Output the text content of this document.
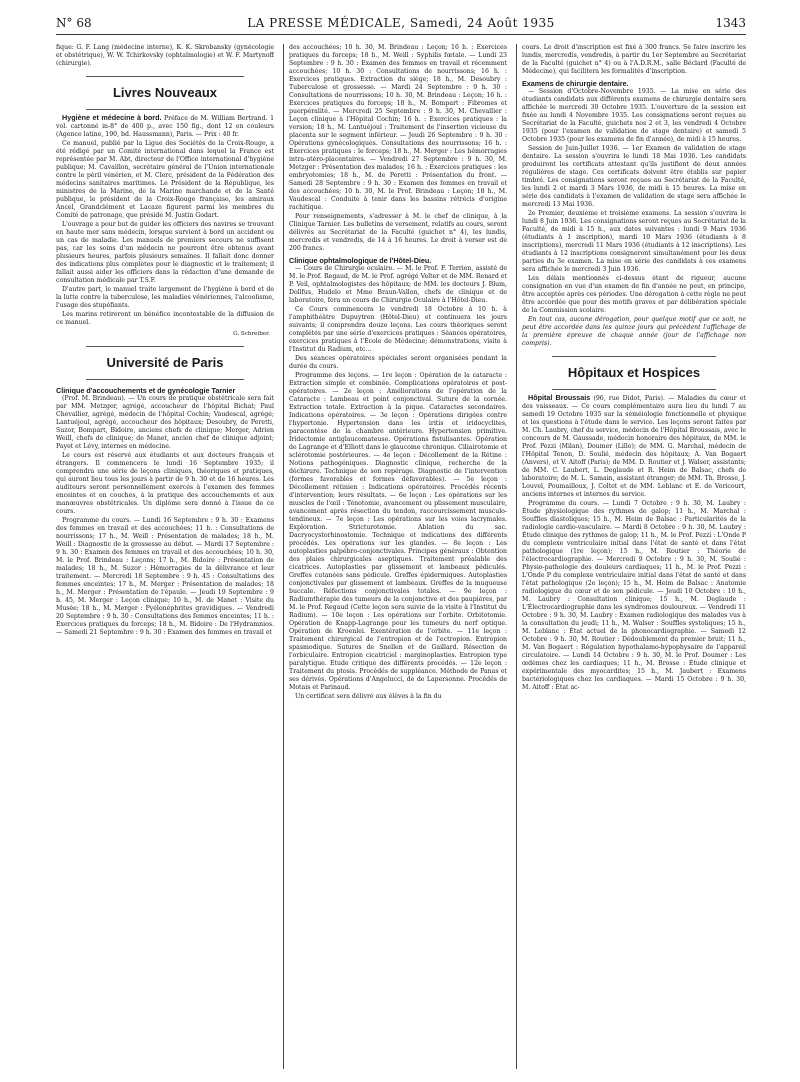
N° 68	LA PRESSE MÉDICALE, Samedi, 24 Août 1935	1343

fique: G. F. Lang (médecine interne), K. K. Skrobansky (gynécologie et obstétrique), W. W. Tchirkovsky (ophtalmologie) et W. F. Martynoff (chirurgie).

Livres Nouveaux

Hygiène et médecine à bord. Préface de M. William Bertrand. 1 vol. cartonné in-8° de 400 p., avec 150 fig., dont 12 en couleurs (Agence latine, 190, bd. Haussmann), Paris. — Prix : 40 fr.

Ce manuel, publié par la Ligue des Sociétés de la Croix-Rouge, a été rédigé par un Comité international dans lequel la France est représentée par M. Abt, directeur de l'Office international d'hygiène publique; M. Cavaillon, secrétaire général de l'Union internationale contre le péril vénérien, et M. Clerc, président de la Fédération des médecins sanitaires maritimes. Le Président de la République, les ministres de la Marine, de la Marine marchande et de la Santé publique, le président de la Croix-Rouge française, les amiraux Ancel, Grandclément et Lacaze figurent parmi les membres du Comité de patronage, que préside M. Justin Godart.

L'ouvrage a pour but de guider les officiers des navires se trouvant en haute mer sans médecin, lorsque survient à bord un accident ou un cas de maladie. Les manuels de premiers secours ne suffisent pas, car les soins d'un médecin ne pourront être obtenus avant plusieurs heures, parfois plusieurs semaines. Il fallait donc donner des indications plus complètes pour le diagnostic et le traitement; il fallait aussi aider les officiers dans la rédaction d'une demande de consultation médicale par T.S.F.

D'autre part, le manuel traite largement de l'hygiène à bord et de la lutte contre la tuberculose, les maladies vénériennes, l'alcoolisme, l'usage des stupéfiants.

Les marins retireront un bénéfice incontestable de la diffusion de ce manuel.

G. Schreiber.
Université de Paris
Clinique d'accouchements et de gynécologie Tarnier

(Prof. M. Brindeau). — Un cours de pratique obstétricale sera fait par MM. Metzger, agrégé, accoucheur de l'hôpital Bichat; Paul Chevallier, agrégé, médecin de l'hôpital Cochin; Vaudescal, agrégé; Lantuéjoul, agrégé, accoucheur des hôpitaux; Desoubry, de Peretti, Suzor, Bompart, Bidoire, anciens chefs de clinique; Merger, Adrien Weill, chefs de clinique; de Manet, ancien chef de clinique adjoint; Payet et Lévy, internes en médecine.

Le cours est réservé aux étudiants et aux docteurs français et étrangers. Il commencera le lundi 16 Septembre 1935; il comprendra une série de leçons cliniques, théoriques et pratiques, qui auront lieu tous les jours à partir de 9 h. 30 et de 16 heures. Les auditeurs seront personnellement exercés à l'examen des femmes enceintes et en couches, à la pratique des accouchements et aux manœuvres obstétricales. Un diplôme sera donné à l'issue de ce cours.

Programme du cours. — Lundi 16 Septembre : 9 h. 30 : Examens des femmes en travail et des accouchées; 11 h. : Consultations de nourrissons; 17 h., M. Weill : Présentation de malades; 18 h., M. Weill : Diagnostic de la grossesse au début. — Mardi 17 Septembre : 9 h. 30 : Examen des femmes en travail et des accouchées; 10 h. 30, M. le Prof. Brindeau : Leçons; 17 h., M. Bidoire : Présentation de malades; 18 h., M. Suzor : Hémorragies de la délivrance et leur traitement. — Mercredi 18 Septembre : 9 h. 45 : Consultations des femmes enceintes; 17 h., M. Merger : Présentation de malades; 18 h., M. Merger : Présentation de l'épaule. — Jeudi 19 Septembre : 9 h. 45, M. Merger : Leçon clinique; 10 h., M. de Manet : Visite du Musée; 18 h., M. Merger : Pyélonéphrites gravidiques. — Vendredi 20 Septembre : 9 h. 30 : Consultations des femmes enceintes; 11 h. : Exercices pratiques du forceps; 18 h., M. Bidoire : De l'Hydramnios. — Samedi 21 Septembre : 9 h. 30 : Examen des femmes en travail et

des accouchées; 10 h. 30, M. Brindeau : Leçon; 16 h. : Exercices pratiques du forceps; 18 h., M. Weill : Syphilis fœtale. — Lundi 23 Septembre : 9 h. 30 : Examen des femmes en travail et récemment accouchées; 10 h. 30 : Consultations de nourrissons; 16 h. : Exercices pratiques. Extraction du siège; 18 h., M. Desoubry : Tuberculose et grossesse. — Mardi 24 Septembre : 9 h. 30 : Consultations de nourrissons; 10 h. 30, M. Brindeau : Leçon; 16 h. : Exercices pratiques du forceps; 18 h., M. Bompart : Fibromes et puerpéralité. — Mercredi 25 Septembre : 9 h. 30, M. Chevallier : Leçon clinique à l'Hôpital Cochin; 16 h. : Exercices pratiques : la version; 18 h., M. Lantuéjoul : Traitement de l'insertion vicieuse du placenta sur le segment inférieur. — Jeudi 26 Septembre : 9 h. 30 : Opérations gynécologiques. Consultations des nourrissons; 16 h. : Exercices pratiques : le forceps; 18 h., M. Merger : Les hémorragies intra-utéro-placentaires. — Vendredi 27 Septembre : 9 h. 30, M. Metzger : Présentation des malades; 16 h. : Exercices pratiques : les embryotomies; 18 h., M. de Peretti : Présentation du front. — Samedi 28 Septembre : 9 h. 30 : Examen des femmes en travail et des accouchées; 10 h. 30, M. le Prof. Brindeau : Leçon; 18 h., M. Vaudescal : Conduite à tenir dans les bassins rétrécis d'origine rachitique.

Pour renseignements, s'adresser à M. le chef de clinique, à la Clinique Tarnier. Les bulletins de versement, relatifs au cours, seront délivrés au Secrétariat de la Faculté (guichet n° 4), les lundis, mercredis et vendredis, de 14 à 16 heures. Le droit à verser est de 200 francs.

Clinique ophtalmologique de l'Hôtel-Dieu.

— Cours de Chirurgie oculaire. — M. le Prof. F. Terrien, assisté de M. le Prof. Regaud, de M. le Prof. agrégé Velter et de MM. Renard et P. Veil, ophtalmologistes des hôpitaux; de MM. les docteurs J. Blum, Dollfus, Hudelo et Mme Braun-Vallon, chefs de clinique et de laboratoire, fera un cours de Chirurgie Oculaire à l'Hôtel-Dieu.

Ce Cours commencera le vendredi 18 Octobre à 10 h. à l'amphithéâtre Dupuytren (Hôtel-Dieu) et continuera les jours suivants; il comprendra douze leçons. Les cours théoriques seront complétés par une série d'exercices pratiques : Séances opératoires, exercices pratiques à l'École de Médecine; démonstrations, visite à l'Institut du Radium, etc...

Des séances opératoires spéciales seront organisées pendant la durée du cours.

Programme des leçons. — 1re leçon : Opération de la cataracte : Extraction simple et combinée. Complications opératoires et post-opératoires. — 2e leçon : Améliorations de l'opération de la Cataracte : Lambeau et point conjonctival. Suture de la cornée. Extraction totale. Extraction à la pique. Cataractes secondaires. Indications opératoires. — 3e leçon : Opérations dirigées contre l'hypertonie. Hypertension dans les iritis et iridocyclites, paracentèse de la chambre antérieure. Hypertension primitive. Iridectomie antiglaucomateuse. Opérations fistulisantes. Opération de Lagrange et d'Elliott dans le glaucome chronique. Ciliairotomie et sclérotomie postérieures. — 4e leçon : Décollement de la Rétine : Notions pathogéniques. Diagnostic clinique, recherche de la déchirure. Technique de son repérage. Diagnostic de l'intervention (formes favorables et formes défavorables). — 5e leçon : Décollement rétinien : Indications opératoires. Procédés récents d'intervention; leurs résultats. — 6e leçon : Les opérations sur les muscles de l'œil : Ténotomie, avancement ou plissement musculaire, avancement après résection du tendon, raccourcissement musculo-tendineux. — 7e leçon : Les opérations sur les voies lacrymales. Exploration. Stricturotomie. Ablation du sac. Dacryocystorhinostomie. Technique et indications des différents procédés. Les opérations sur les glandes. — 8e leçon : Les autoplasties palpébro-conjonctivales. Principes généraux : Obtention des plaies chirurgicales aseptiques. Traitement préalable des cicatrices. Autoplasties par glissement et lambeaux pédiculés. Greffes cutanées sans pédicule. Greffes épidermiques. Autoplasties conjonctivales par glissement et lambeaux. Greffes de la muqueuse buccale. Réfections conjonctivales totales. — 9e leçon : Radiumthérapie des tumeurs de la conjonctive et des paupières, par M. le Prof. Regaud (Cette leçon sera suivie de la visite à l'Institut du Radium). — 10e leçon : Les opérations sur l'orbite. Orbitotomie. Opération de Knapp-Lagrange pour les tumeurs du nerf optique. Opération de Kroenlei. Exentération de l'orbite. — 11e leçon : Traitement chirurgical de l'entropion et de l'ectropion. Entropion spasmodique. Sutures de Snellen et de Gaillard. Résection de l'orbiculaire. Entropion cicatriciel : marginoplasties. Entropion type paralytique. Etude critique des différents procédés. — 12e leçon : Traitement du ptosis. Procédés de suppléance. Méthode de Panas et ses dérivés. Opérations d'Angelucci, de de Lapersonne. Procédés de Motais et Parinaud.

Un certificat sera délivré aux élèves à la fin du

cours. Le droit d'inscription est fixé à 300 francs. Se faire inscrire les lundis, mercredis, vendredis, à partir du 1er Septembre au Secrétariat de la Faculté (guichet n° 4) ou à l'A.D.R.M., salle Béclard (Faculté de Médecine), qui facilitera les formalités d'inscription.

Examens de chirurgie dentaire.

— Session d'Octobre-Novembre 1935. — La mise en série des étudiants candidats aux différents examens de chirurgie dentaire sera affichée le mercredi 30 Octobre 1935. L'ouverture de la session est fixée au lundi 4 Novembre 1935. Les consignations seront reçues au Secrétariat de la Faculté, guichets nos 2 et 3, les vendredi 4 Octobre 1935 (pour l'examen de validation de stage dentaire) et samedi 5 Octobre 1935 (pour les examens de fin d'année), de midi à 15 heures.

Session de Juin-Juillet 1936. — 1er Examen de validation de stage dentaire. La session s'ouvrira le lundi 18 Mai 1936. Les candidats produiront les certificats attestant qu'ils justifient de deux années régulières de stage. Ces certificats doivent être établis sur papier timbré. Les consignations seront reçues au Secrétariat de la Faculté, les lundi 2 et mardi 3 Mars 1936, de midi à 15 heures. La mise en série des candidats à l'examen de validation de stage sera affichée le mercredi 13 Mai 1936.

2e Premier, deuxième et troisième examens. La session s'ouvrira le lundi 8 Juin 1936. Les consignations seront reçues au Secrétariat de la Faculté, de midi à 15 h., aux dates suivantes : lundi 9 Mars 1936 (étudiants à 1 inscription), mardi 10 Mars 1936 (étudiants à 8 inscriptions), mercredi 11 Mars 1936 (étudiants à 12 inscriptions). Les étudiants à 12 inscriptions consigneront simultanément pour les deux parties du 3e examen. La mise en série des candidats à ces examens sera affichée le mercredi 3 Juin 1936.

Les délais mentionnés ci-dessus étant de rigueur, aucune consignation en vue d'un examen de fin d'année ne peut, en principe, être acceptée après ces périodes. Une dérogation à cette règle ne peut être accordée que pour des motifs graves et par délibération spéciale de la Commission scolaire.

En tout cas, aucune dérogation, pour quelque motif que ce soit, ne peut être accordée dans les quinze jours qui précèdent l'affichage de la première épreuve de chaque année (jour de l'affichage non compris).

Hôpitaux et Hospices

Hôpital Broussais (96, rue Didot, Paris). — Maladies du cœur et des vaisseaux. — Ce cours complémentaire aura lieu du lundi 7 au samedi 19 Octobre 1935 sur la séméiologie fonctionnelle et physique et les questions à l'étude dans le service. Les leçons seront faites par M. Ch. Laubry, chef du service, médecin de l'Hôpital Broussais, avec le concours de M. Gaussade, médecin honoraire des hôpitaux, de MM. le Prof. Pezzi (Milan), Doumer (Lille); de MM. G. Marchal, médecin de l'Hôpital Tenon, D. Soulié, médecin des hôpitaux; A. Van Bogaert (Anvers), et V. Aitoff (Paris); de MM. D. Routier et J. Walser, assistants; de MM. C. Laubert, L. Deglaude et R. Heim de Balsac, chefs de laboratoire; de M. L. Samain, assistant étranger; de MM. Th. Brosse, J. Louvel, Poumailloux, J. Coltet et de MM. Leblanc et E. de Vericourt, anciens internes et internes du service.

Programme du cours. — Lundi 7 Octobre : 9 h. 30, M. Laubry : Étude physiologique des rythmes de galop; 11 h., M. Marchal : Souffles diastoliques; 15 h., M. Heim de Balsac : Particularités de la radiologie cardio-vasculaire. — Mardi 8 Octobre : 9 h. 30, M. Laubry : Étude clinique des rythmes de galop; 11 h., M. le Prof. Pezzi : L'Onde P du complexe ventriculaire initial dans l'état de santé et dans l'état pathologique (1re leçon); 15 h., M. Routier : Théorie de l'électrocardiographie. — Mercredi 9 Octobre : 9 h. 30, M. Soulié : Physio-pathologie des douleurs cardiaques; 11 h., M. le Prof. Pezzi : L'Onde P du complexe ventriculaire initial dans l'état de santé et dans l'état pathologique (2e leçon); 15 h., M. Heim de Balsac : Anatomie radiologique du cœur et de son pédicule. — Jeudi 10 Octobre : 10 h., M. Laubry : Consultation clinique; 15 h., M. Deglaude : L'Électrocardiographie dans les syndromes douloureux. — Vendredi 11 Octobre : 9 h. 30, M. Laubry : Examen radiologique des malades vus à la consultation du jeudi; 11 h., M. Walser : Souffles systoliques; 15 h., M. Leblanc : État actuel de la phonocardiographie. — Samedi 12 Octobre : 9 h. 30, M. Routier : Dédoublement du premier bruit; 11 h., M. Van Bogaert : Régulation hypothalamo-hypophysaire de l'appareil circulatoire. — Lundi 14 Octobre : 9 h. 30, M. le Prof. Doumer : Les œdèmes chez les cardiaques; 11 h., M. Brosse : Étude clinique et expérimentale des myocardites; 15 h., M. Jaubert : Examens bactériologiques chez les cardiaques. — Mardi 15 Octobre : 9 h. 30, M. Aitoff : État ac-
